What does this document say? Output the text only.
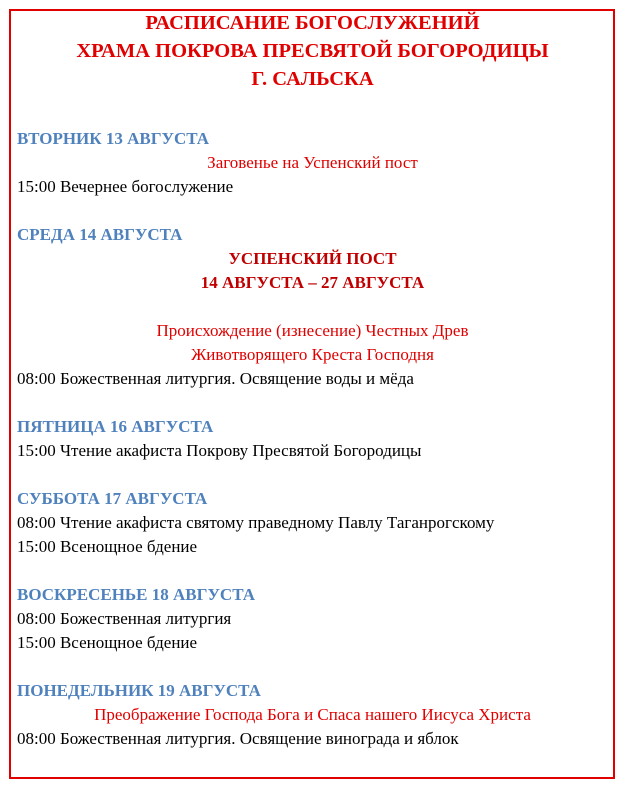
РАСПИСАНИЕ БОГОСЛУЖЕНИЙ
ХРАМА ПОКРОВА ПРЕСВЯТОЙ БОГОРОДИЦЫ
Г. САЛЬСКА
ВТОРНИК 13 АВГУСТА
Заговенье на Успенский пост
15:00 Вечернее богослужение
СРЕДА 14 АВГУСТА
УСПЕНСКИЙ ПОСТ
14 АВГУСТА – 27 АВГУСТА
Происхождение (изнесение) Честных Древ
Животворящего Креста Господня
08:00 Божественная литургия. Освящение воды и мёда
ПЯТНИЦА 16 АВГУСТА
15:00 Чтение акафиста Покрову Пресвятой Богородицы
СУББОТА 17 АВГУСТА
08:00 Чтение акафиста святому праведному Павлу Таганрогскому
15:00 Всенощное бдение
ВОСКРЕСЕНЬЕ 18 АВГУСТА
08:00 Божественная литургия
15:00 Всенощное бдение
ПОНЕДЕЛЬНИК 19 АВГУСТА
Преображение Господа Бога и Спаса нашего Иисуса Христа
08:00 Божественная литургия. Освящение винограда и яблок
